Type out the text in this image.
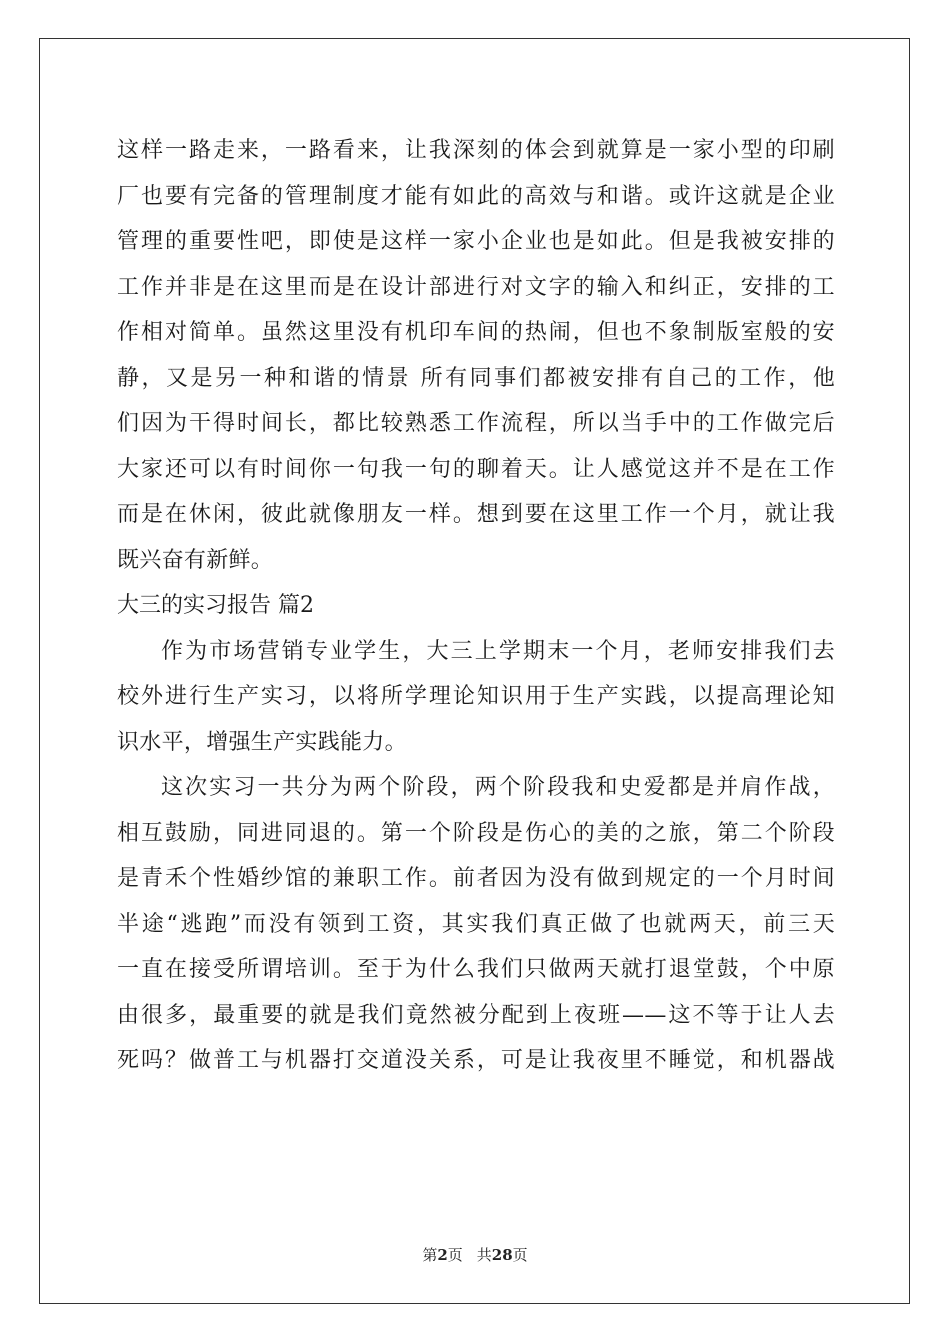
这样一路走来，一路看来，让我深刻的体会到就算是一家小型的印刷
厂也要有完备的管理制度才能有如此的高效与和谐。或许这就是企业
管理的重要性吧，即使是这样一家小企业也是如此。但是我被安排的
工作并非是在这里而是在设计部进行对文字的输入和纠正，安排的工
作相对简单。虽然这里没有机印车间的热闹，但也不象制版室般的安
静，又是另一种和谐的情景 所有同事们都被安排有自己的工作，他
们因为干得时间长，都比较熟悉工作流程，所以当手中的工作做完后
大家还可以有时间你一句我一句的聊着天。让人感觉这并不是在工作
而是在休闲，彼此就像朋友一样。想到要在这里工作一个月，就让我
既兴奋有新鲜。
大三的实习报告 篇2
作为市场营销专业学生，大三上学期末一个月，老师安排我们去
校外进行生产实习，以将所学理论知识用于生产实践，以提高理论知
识水平，增强生产实践能力。
这次实习一共分为两个阶段，两个阶段我和史爱都是并肩作战，
相互鼓励，同进同退的。第一个阶段是伤心的美的之旅，第二个阶段
是青禾个性婚纱馆的兼职工作。前者因为没有做到规定的一个月时间
半途“逃跑”而没有领到工资，其实我们真正做了也就两天，前三天
一直在接受所谓培训。至于为什么我们只做两天就打退堂鼓，个中原
由很多，最重要的就是我们竟然被分配到上夜班——这不等于让人去
死吗？做普工与机器打交道没关系，可是让我夜里不睡觉，和机器战
第2页 共28页
